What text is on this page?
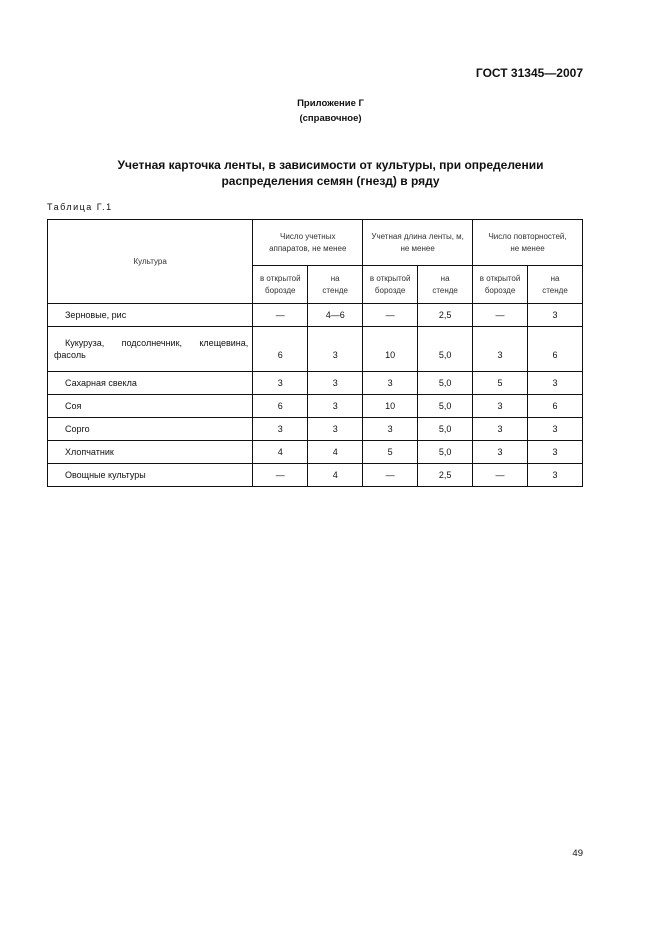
ГОСТ 31345—2007
Приложение Г
(справочное)
Учетная карточка ленты, в зависимости от культуры, при определении
распределения семян (гнезд) в ряду
Таблица Г.1
Культура	Число учетных аппаратов, не менее		Учетная длина ленты, м, не менее		Число повторностей, не менее	
	в открытой борозде	на стенде	в открытой борозде	на стенде	в открытой борозде	на стенде
Зерновые, рис	—	4—6	—	2,5	—	3

Кукуруза, подсолнечник, клещевина,
фасоль	6	3	10	5,0	3	6
Сахарная свекла	3	3	3	5,0	5	3
Соя	6	3	10	5,0	3	6
Сорго	3	3	3	5,0	3	3
Хлопчатник	4	4	5	5,0	3	3
Овощные культуры	—	4	—	2,5	—	3
49
